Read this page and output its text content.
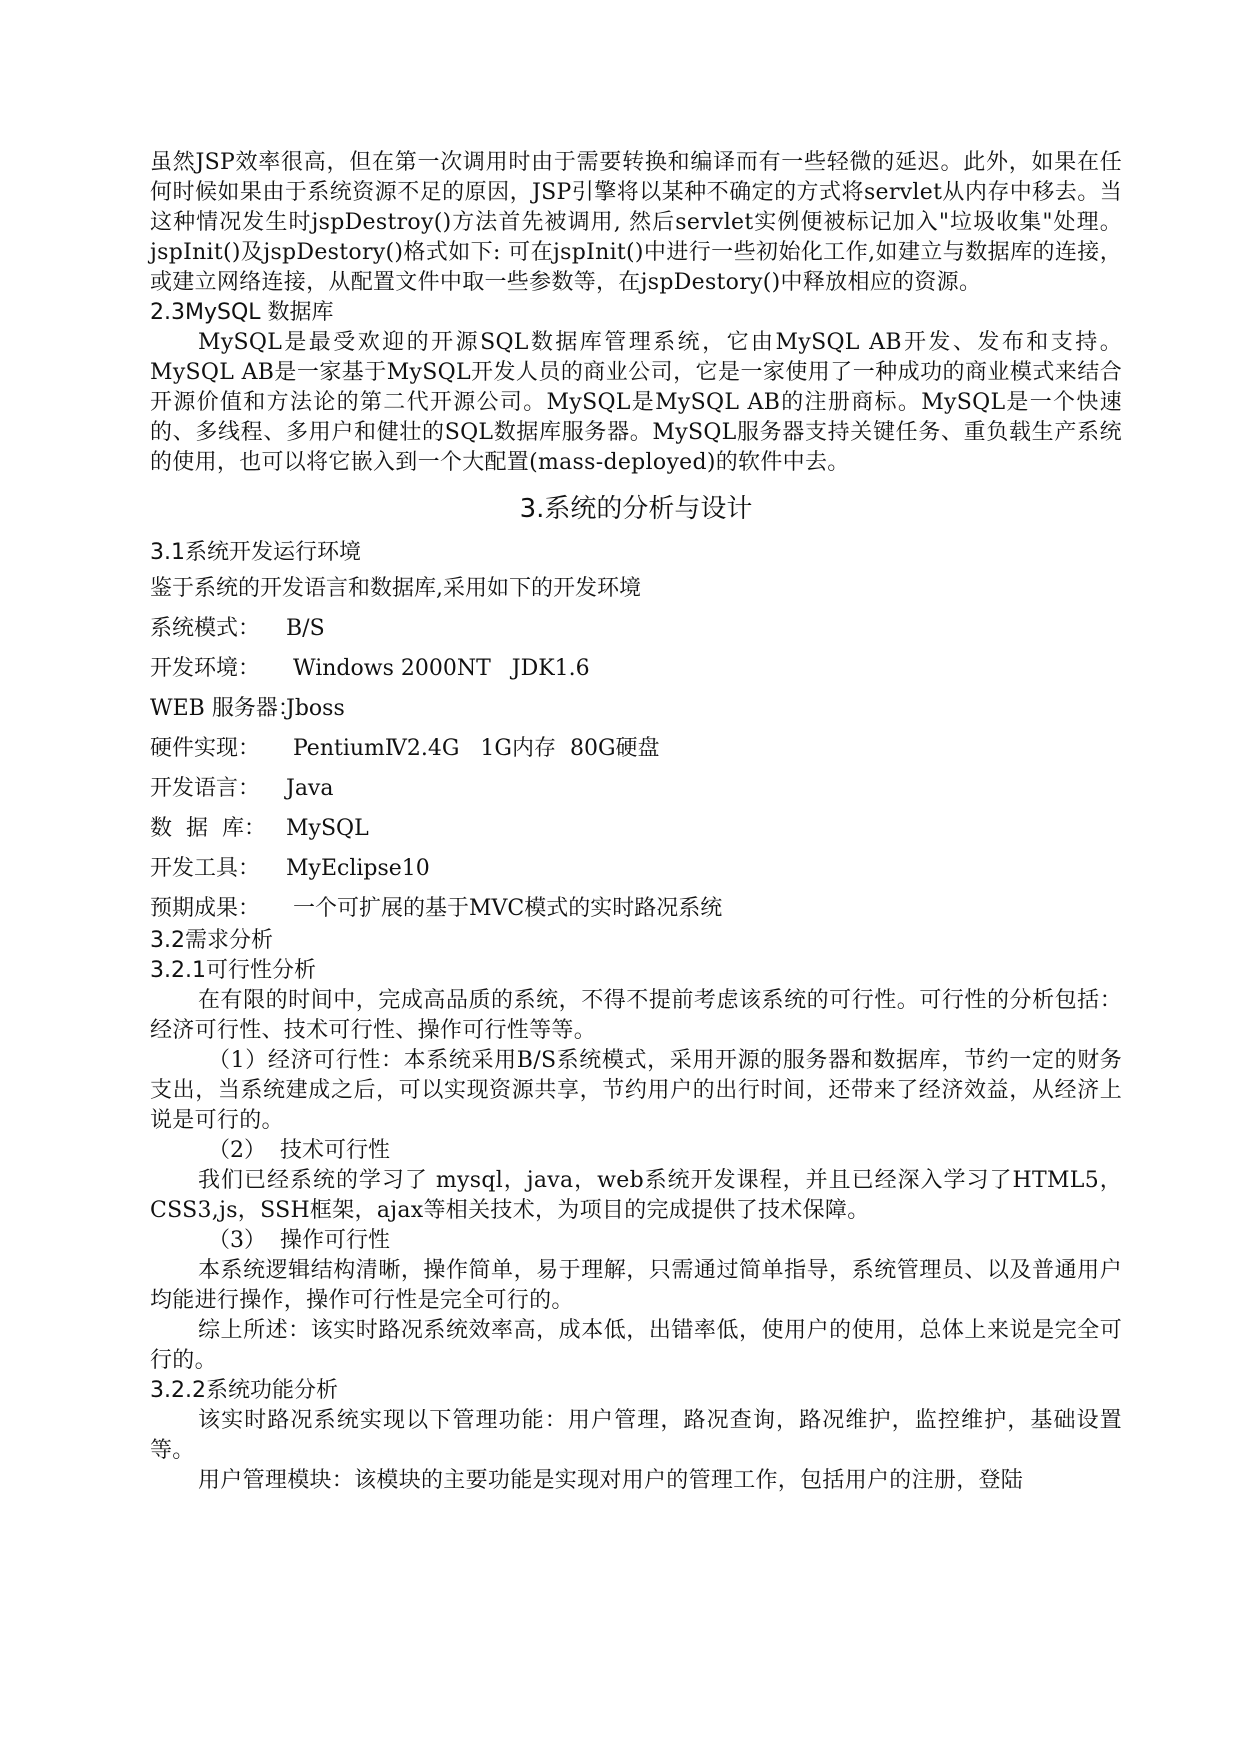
虽然JSP效率很高，但在第一次调用时由于需要转换和编译而有一些轻微的延迟。此外，如果在任何时候如果由于系统资源不足的原因，JSP引擎将以某种不确定的方式将servlet从内存中移去。当这种情况发生时jspDestroy()方法首先被调用, 然后servlet实例便被标记加入"垃圾收集"处理。 jspInit()及jspDestory()格式如下: 可在jspInit()中进行一些初始化工作,如建立与数据库的连接，或建立网络连接，从配置文件中取一些参数等，在jspDestory()中释放相应的资源。

2.3MySQL 数据库

MySQL是最受欢迎的开源SQL数据库管理系统，它由MySQL AB开发、发布和支持。MySQL AB是一家基于MySQL开发人员的商业公司，它是一家使用了一种成功的商业模式来结合开源价值和方法论的第二代开源公司。MySQL是MySQL AB的注册商标。MySQL是一个快速的、多线程、多用户和健壮的SQL数据库服务器。MySQL服务器支持关键任务、重负载生产系统的使用，也可以将它嵌入到一个大配置(mass-deployed)的软件中去。

3.系统的分析与设计
3.1系统开发运行环境

鉴于系统的开发语言和数据库,采用如下的开发环境

系统模式：	B/S
开发环境：	Windows 2000NT   JDK1.6
WEB 服务器：
Jboss
硬件实现：	PentiumⅣ2.4G   1G内存  80G硬盘
开发语言：	Java
数  据  库： MySQL
开发工具：	MyEclipse10
预期成果：	一个可扩展的基于MVC模式的实时路况系统
3.2需求分析
3.2.1可行性分析

在有限的时间中，完成高品质的系统，不得不提前考虑该系统的可行性。可行性的分析包括：经济可行性、技术可行性、操作可行性等等。

（1）经济可行性：本系统采用B/S系统模式，采用开源的服务器和数据库，节约一定的财务支出，当系统建成之后，可以实现资源共享，节约用户的出行时间，还带来了经济效益，从经济上说是可行的。

（2）  技术可行性

我们已经系统的学习了 mysql，java，web系统开发课程，并且已经深入学习了HTML5，CSS3,js，SSH框架，ajax等相关技术，为项目的完成提供了技术保障。

（3）  操作可行性

本系统逻辑结构清晰，操作简单，易于理解，只需通过简单指导，系统管理员、以及普通用户均能进行操作，操作可行性是完全可行的。

综上所述：该实时路况系统效率高，成本低，出错率低，使用户的使用，总体上来说是完全可行的。

3.2.2系统功能分析

该实时路况系统实现以下管理功能：用户管理，路况查询，路况维护，监控维护，基础设置等。

用户管理模块：该模块的主要功能是实现对用户的管理工作，包括用户的注册，登陆
